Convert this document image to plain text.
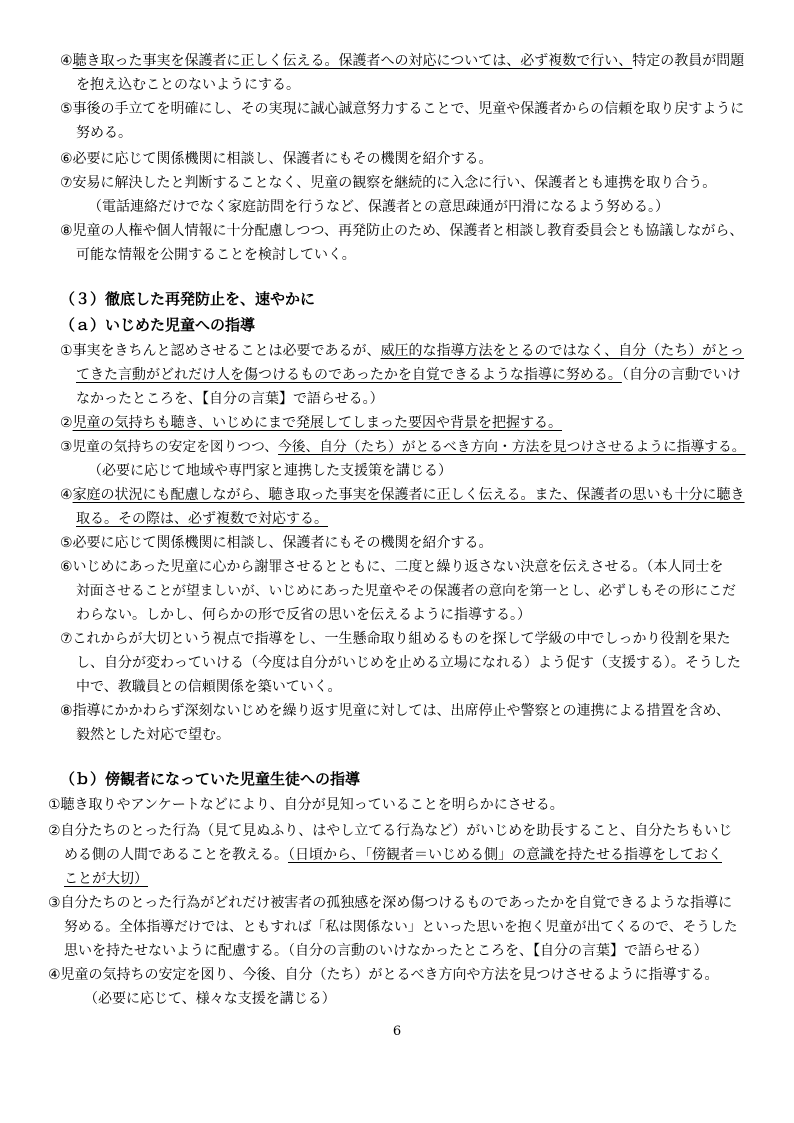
④聴き取った事実を保護者に正しく伝える。保護者への対応については、必ず複数で行い、特定の教員が問題
を抱え込むことのないようにする。
⑤事後の手立てを明確にし、その実現に誠心誠意努力することで、児童や保護者からの信頼を取り戻すように
努める。
⑥必要に応じて関係機関に相談し、保護者にもその機関を紹介する。
⑦安易に解決したと判断することなく、児童の観察を継続的に入念に行い、保護者とも連携を取り合う。
（電話連絡だけでなく家庭訪問を行うなど、保護者との意思疎通が円滑になるよう努める。）
⑧児童の人権や個人情報に十分配慮しつつ、再発防止のため、保護者と相談し教育委員会とも協議しながら、
可能な情報を公開することを検討していく。
（３）徹底した再発防止を、速やかに
（ａ）いじめた児童への指導
①事実をきちんと認めさせることは必要であるが、威圧的な指導方法をとるのではなく、自分（たち）がとっ
てきた言動がどれだけ人を傷つけるものであったかを自覚できるような指導に努める。（自分の言動でいけ
なかったところを、【自分の言葉】で語らせる。）
②児童の気持ちも聴き、いじめにまで発展してしまった要因や背景を把握する。
③児童の気持ちの安定を図りつつ、今後、自分（たち）がとるべき方向・方法を見つけさせるように指導する。
（必要に応じて地域や専門家と連携した支援策を講じる）
④家庭の状況にも配慮しながら、聴き取った事実を保護者に正しく伝える。また、保護者の思いも十分に聴き
取る。その際は、必ず複数で対応する。
⑤必要に応じて関係機関に相談し、保護者にもその機関を紹介する。
⑥いじめにあった児童に心から謝罪させるとともに、二度と繰り返さない決意を伝えさせる。（本人同士を
対面させることが望ましいが、いじめにあった児童やその保護者の意向を第一とし、必ずしもその形にこだ
わらない。しかし、何らかの形で反省の思いを伝えるように指導する。）
⑦これからが大切という視点で指導をし、一生懸命取り組めるものを探して学級の中でしっかり役割を果た
し、自分が変わっていける（今度は自分がいじめを止める立場になれる）よう促す（支援する）。そうした
中で、教職員との信頼関係を築いていく。
⑧指導にかかわらず深刻ないじめを繰り返す児童に対しては、出席停止や警察との連携による措置を含め、
毅然とした対応で望む。
（ｂ）傍観者になっていた児童生徒への指導
①聴き取りやアンケートなどにより、自分が見知っていることを明らかにさせる。
②自分たちのとった行為（見て見ぬふり、はやし立てる行為など）がいじめを助長すること、自分たちもいじ
める側の人間であることを教える。（日頃から、「傍観者＝いじめる側」の意識を持たせる指導をしておく
ことが大切）
③自分たちのとった行為がどれだけ被害者の孤独感を深め傷つけるものであったかを自覚できるような指導に
努める。全体指導だけでは、ともすれば「私は関係ない」といった思いを抱く児童が出てくるので、そうした
思いを持たせないように配慮する。（自分の言動のいけなかったところを、【自分の言葉】で語らせる）
④児童の気持ちの安定を図り、今後、自分（たち）がとるべき方向や方法を見つけさせるように指導する。
（必要に応じて、様々な支援を講じる）
6
